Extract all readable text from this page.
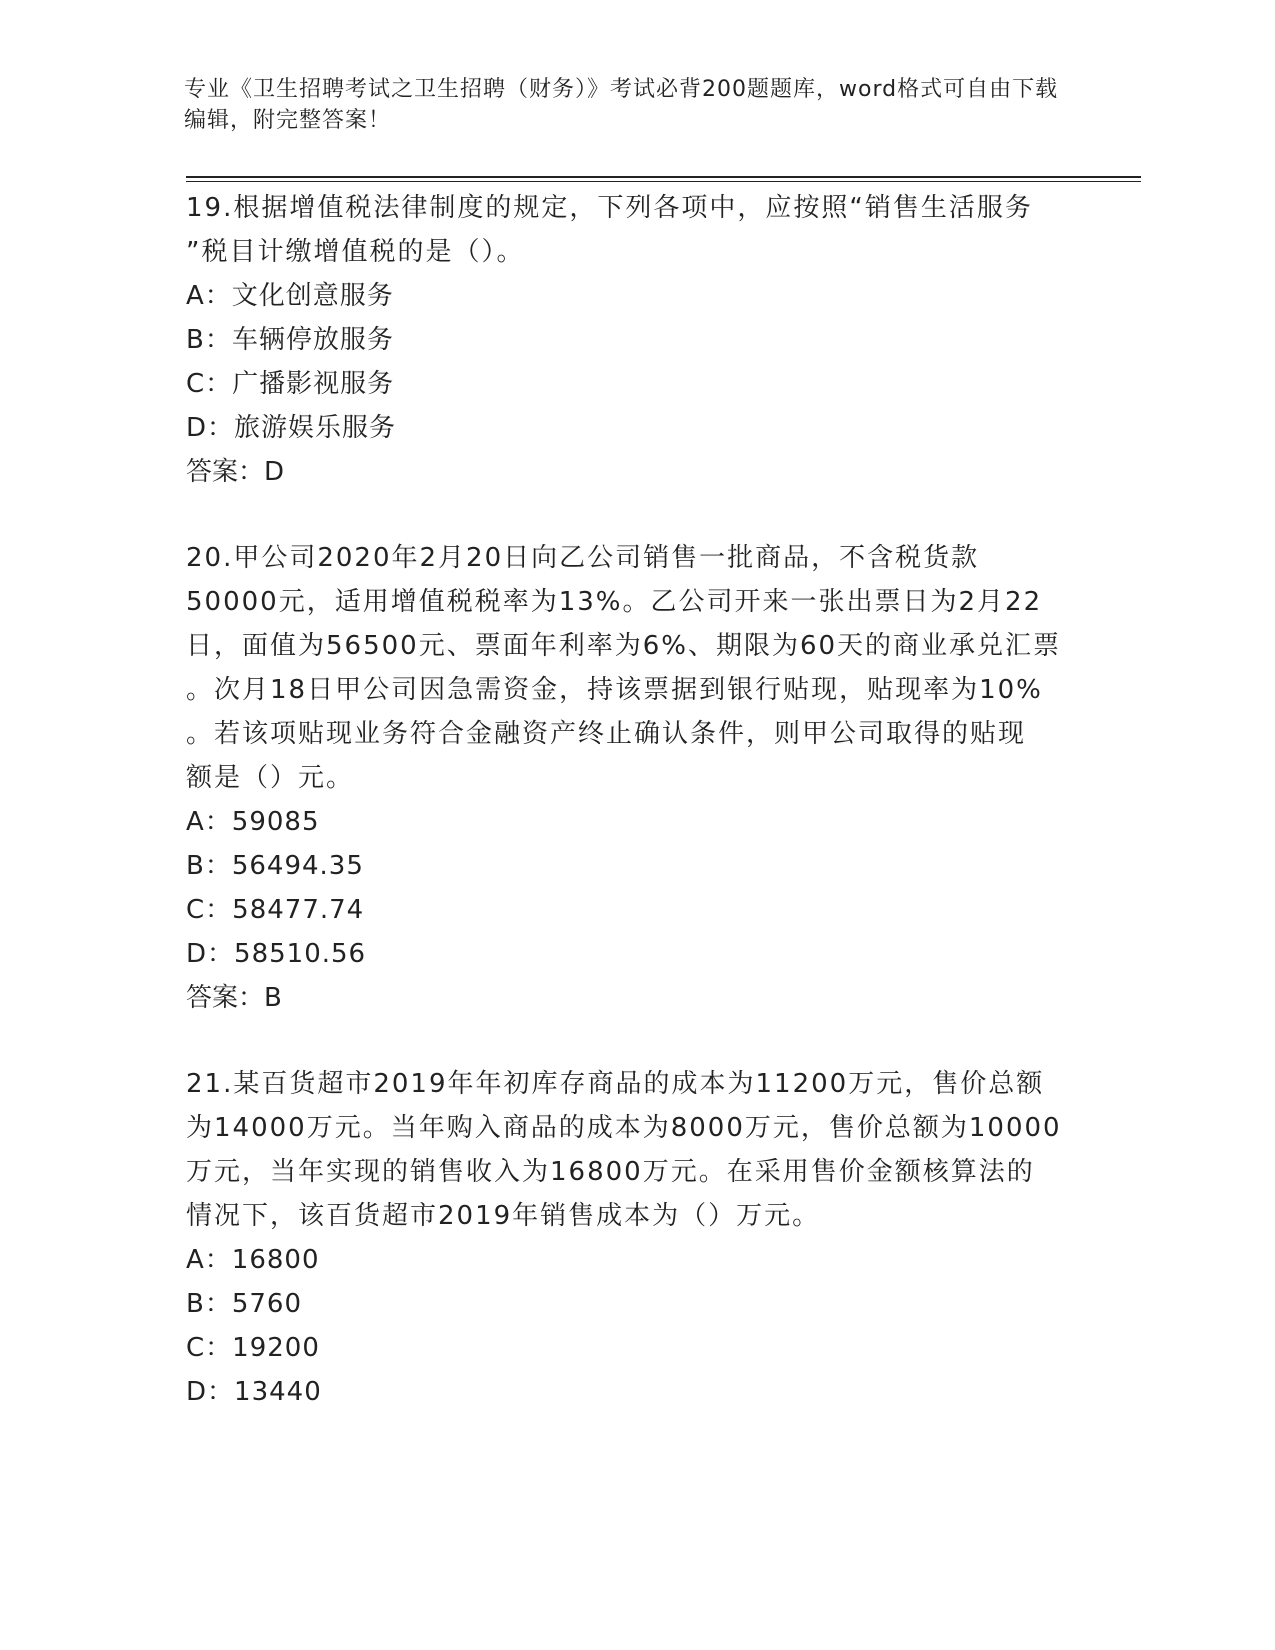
专业《卫生招聘考试之卫生招聘（财务）》考试必背200题题库，word格式可自由下载编辑，附完整答案！
19.根据增值税法律制度的规定，下列各项中，应按照“销售生活服务
”税目计缴增值税的是（）。
A：文化创意服务
B：车辆停放服务
C：广播影视服务
D：旅游娱乐服务
答案：D
20.甲公司2020年2月20日向乙公司销售一批商品，不含税货款
50000元，适用增值税税率为13%。乙公司开来一张出票日为2月22
日，面值为56500元、票面年利率为6%、期限为60天的商业承兑汇票
。次月18日甲公司因急需资金，持该票据到银行贴现，贴现率为10%
。若该项贴现业务符合金融资产终止确认条件，则甲公司取得的贴现
额是（）元。
A：59085
B：56494.35
C：58477.74
D：58510.56
答案：B
21.某百货超市2019年年初库存商品的成本为11200万元，售价总额
为14000万元。当年购入商品的成本为8000万元，售价总额为10000
万元，当年实现的销售收入为16800万元。在采用售价金额核算法的
情况下，该百货超市2019年销售成本为（）万元。
A：16800
B：5760
C：19200
D：13440
